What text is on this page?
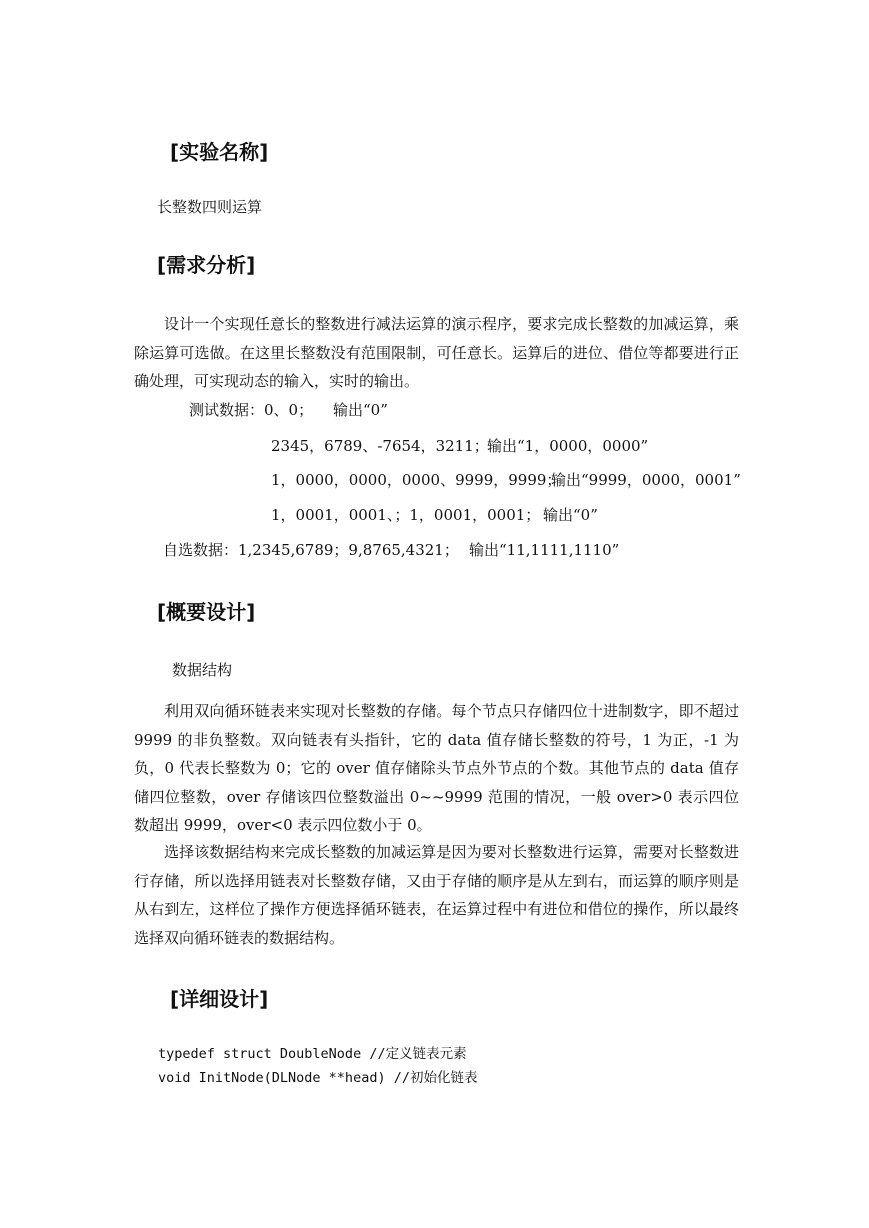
[实验名称]
长整数四则运算
[需求分析]
设计一个实现任意长的整数进行减法运算的演示程序，要求完成长整数的加减运算，乘除运算可选做。在这里长整数没有范围限制，可任意长。运算后的进位、借位等都要进行正确处理，可实现动态的输入，实时的输出。
测试数据：0、0； 输出“0”
2345，6789、-7654，3211；
输出“1，0000，0000”
1，0000，0000，0000、9999，9999；
输出“9999，0000，0001”
1，0001，0001、；1，0001，0001； 输出“0”
自选数据：1,2345,6789；9,8765,4321； 输出“11,1111,1110”
[概要设计]
数据结构
利用双向循环链表来实现对长整数的存储。每个节点只存储四位十进制数字，即不超过 9999 的非负整数。双向链表有头指针，它的 data 值存储长整数的符号，1 为正，-1 为负，0 代表长整数为 0；它的 over 值存储除头节点外节点的个数。其他节点的 data 值存储四位整数，over 存储该四位整数溢出 0~~9999 范围的情况，一般 over>0 表示四位数超出 9999，over<0 表示四位数小于 0。
选择该数据结构来完成长整数的加减运算是因为要对长整数进行运算，需要对长整数进行存储，所以选择用链表对长整数存储，又由于存储的顺序是从左到右，而运算的顺序则是从右到左，这样位了操作方便选择循环链表，在运算过程中有进位和借位的操作，所以最终选择双向循环链表的数据结构。
[详细设计]
typedef struct DoubleNode //定义链表元素
void InitNode(DLNode **head) //初始化链表
